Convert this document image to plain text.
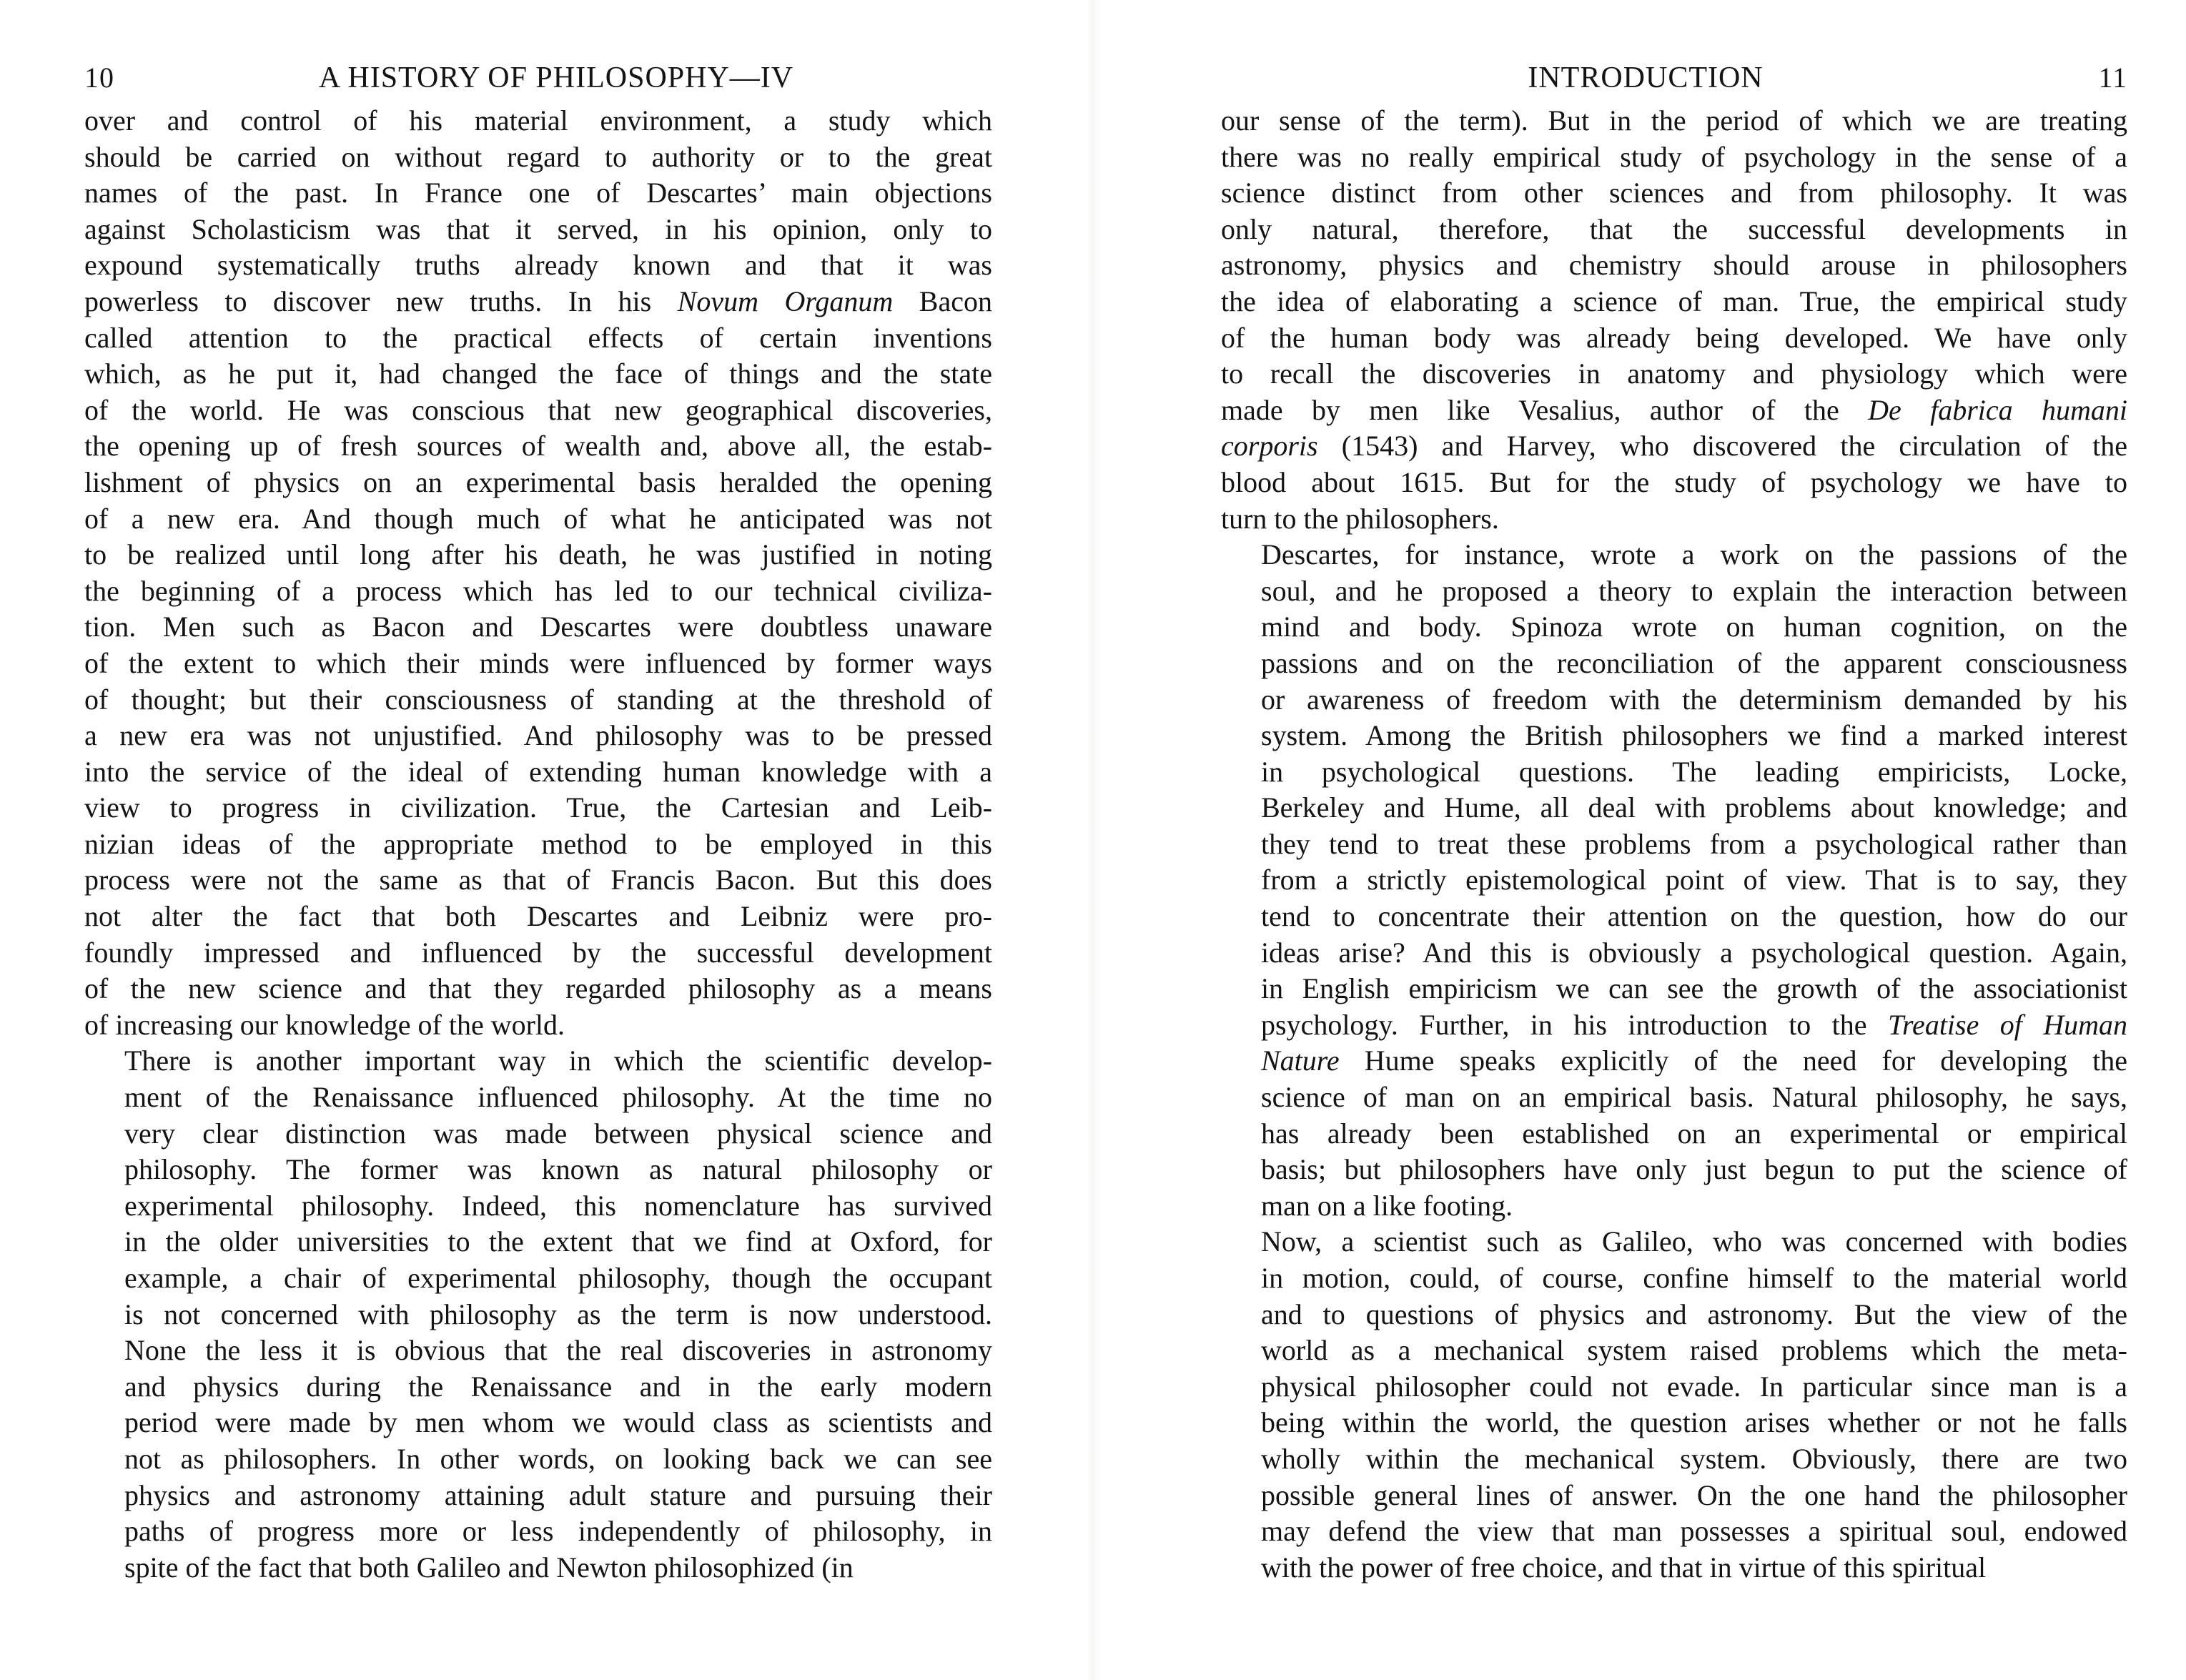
10	A HISTORY OF PHILOSOPHY—IV

over and control of his material environment, a study which
should be carried on without regard to authority or to the great
names of the past. In France one of Descartes’ main objections
against Scholasticism was that it served, in his opinion, only to
expound systematically truths already known and that it was
powerless to discover new truths. In his Novum Organum Bacon
called attention to the practical effects of certain inventions
which, as he put it, had changed the face of things and the state
of the world. He was conscious that new geographical discoveries,
the opening up of fresh sources of wealth and, above all, the estab-
lishment of physics on an experimental basis heralded the opening
of a new era. And though much of what he anticipated was not
to be realized until long after his death, he was justified in noting
the beginning of a process which has led to our technical civiliza-
tion. Men such as Bacon and Descartes were doubtless unaware
of the extent to which their minds were influenced by former ways
of thought; but their consciousness of standing at the threshold of
a new era was not unjustified. And philosophy was to be pressed
into the service of the ideal of extending human knowledge with a
view to progress in civilization. True, the Cartesian and Leib-
nizian ideas of the appropriate method to be employed in this
process were not the same as that of Francis Bacon. But this does
not alter the fact that both Descartes and Leibniz were pro-
foundly impressed and influenced by the successful development
of the new science and that they regarded philosophy as a means
of increasing our knowledge of the world.

There is another important way in which the scientific develop-
ment of the Renaissance influenced philosophy. At the time no
very clear distinction was made between physical science and
philosophy. The former was known as natural philosophy or
experimental philosophy. Indeed, this nomenclature has survived
in the older universities to the extent that we find at Oxford, for
example, a chair of experimental philosophy, though the occupant
is not concerned with philosophy as the term is now understood.
None the less it is obvious that the real discoveries in astronomy
and physics during the Renaissance and in the early modern
period were made by men whom we would class as scientists and
not as philosophers. In other words, on looking back we can see
physics and astronomy attaining adult stature and pursuing their
paths of progress more or less independently of philosophy, in
spite of the fact that both Galileo and Newton philosophized (in

INTRODUCTION	11

our sense of the term). But in the period of which we are treating
there was no really empirical study of psychology in the sense of a
science distinct from other sciences and from philosophy. It was
only natural, therefore, that the successful developments in
astronomy, physics and chemistry should arouse in philosophers
the idea of elaborating a science of man. True, the empirical study
of the human body was already being developed. We have only
to recall the discoveries in anatomy and physiology which were
made by men like Vesalius, author of the De fabrica humani
corporis (1543) and Harvey, who discovered the circulation of the
blood about 1615. But for the study of psychology we have to
turn to the philosophers.

Descartes, for instance, wrote a work on the passions of the
soul, and he proposed a theory to explain the interaction between
mind and body. Spinoza wrote on human cognition, on the
passions and on the reconciliation of the apparent consciousness
or awareness of freedom with the determinism demanded by his
system. Among the British philosophers we find a marked interest
in psychological questions. The leading empiricists, Locke,
Berkeley and Hume, all deal with problems about knowledge; and
they tend to treat these problems from a psychological rather than
from a strictly epistemological point of view. That is to say, they
tend to concentrate their attention on the question, how do our
ideas arise? And this is obviously a psychological question. Again,
in English empiricism we can see the growth of the associationist
psychology. Further, in his introduction to the Treatise of Human
Nature Hume speaks explicitly of the need for developing the
science of man on an empirical basis. Natural philosophy, he says,
has already been established on an experimental or empirical
basis; but philosophers have only just begun to put the science of
man on a like footing.

Now, a scientist such as Galileo, who was concerned with bodies
in motion, could, of course, confine himself to the material world
and to questions of physics and astronomy. But the view of the
world as a mechanical system raised problems which the meta-
physical philosopher could not evade. In particular since man is a
being within the world, the question arises whether or not he falls
wholly within the mechanical system. Obviously, there are two
possible general lines of answer. On the one hand the philosopher
may defend the view that man possesses a spiritual soul, endowed
with the power of free choice, and that in virtue of this spiritual
